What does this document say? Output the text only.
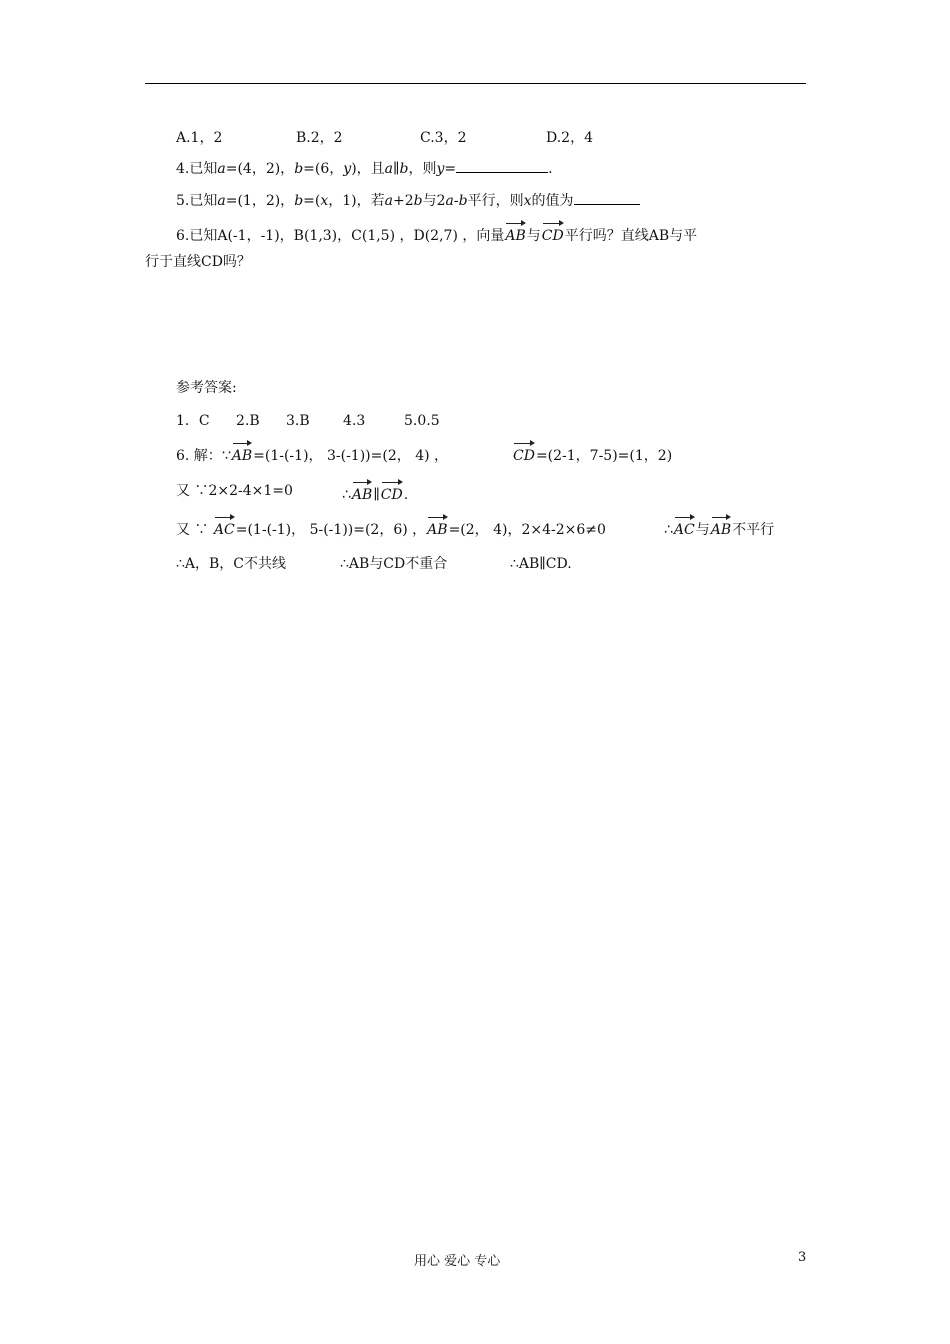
A.1，2	B.2，2	C.3，2	D.2，4
4.已知a=(4，2)，b=(6，y)，且a∥b，则y=	.
5.已知a=(1，2)，b=(x，1)，若a+2b与2a-b平行，则x的值为
6.已知A(-1，-1)，B(1,3)，C(1,5) ，D(2,7) ，向量AB与CD平行吗？直线AB与平
行于直线CD吗？
参考答案:
1．C 2.B 3.B 4.3	5.0.5
6. 解：∵AB=(1-(-1)， 3-(-1))=(2， 4) ，	CD=(2-1，7-5)=(1，2)
又 ∵2×2-4×1=0	∴AB∥CD.
又 ∵ AC=(1-(-1)， 5-(-1))=(2，6) ，AB=(2， 4)，2×4-2×6≠0	∴AC与AB不平行
∴A，B，C不共线	∴AB与CD不重合	∴AB∥CD.
用心 爱心 专心	3
